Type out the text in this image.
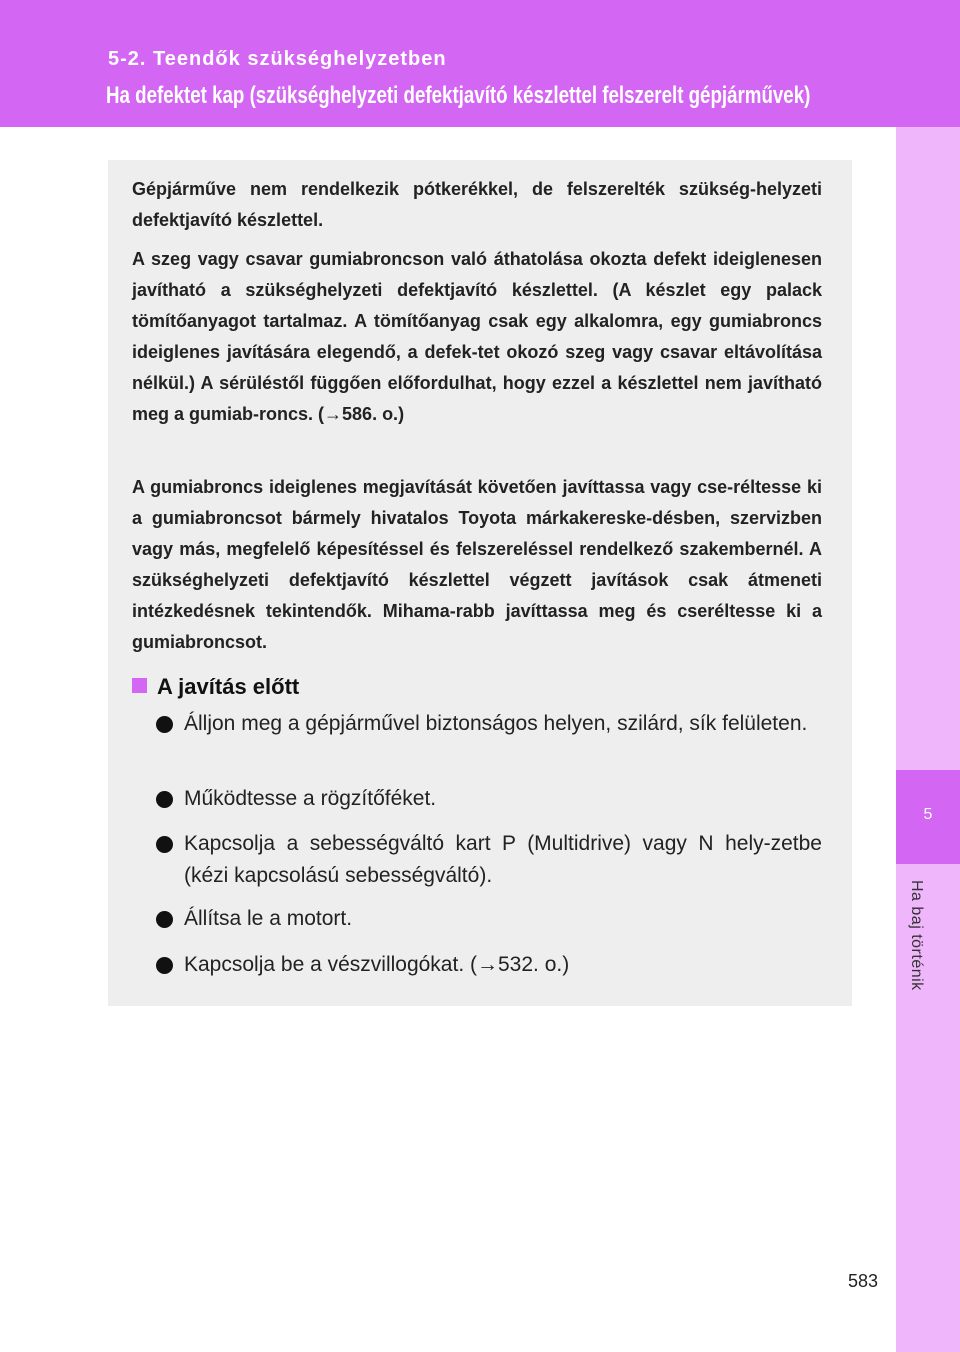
5-2. Teendők szükséghelyzetben
Ha defektet kap (szükséghelyzeti defektjavító készlettel felszerelt gépjárművek)
5
Ha baj történik

Gépjárműve nem rendelkezik pótkerékkel, de felszerelték szükség-helyzeti defektjavító készlettel.

A szeg vagy csavar gumiabroncson való áthatolása okozta defekt ideiglenesen javítható a szükséghelyzeti defektjavító készlettel. (A készlet egy palack tömítőanyagot tartalmaz. A tömítőanyag csak egy alkalomra, egy gumiabroncs ideiglenes javítására elegendő, a defek-tet okozó szeg vagy csavar eltávolítása nélkül.) A sérüléstől függően előfordulhat, hogy ezzel a készlettel nem javítható meg a gumiab-roncs. (→586. o.)

A gumiabroncs ideiglenes megjavítását követően javíttassa vagy cse-réltesse ki a gumiabroncsot bármely hivatalos Toyota márkakereske-désben, szervizben vagy más, megfelelő képesítéssel és felszereléssel rendelkező szakembernél. A szükséghelyzeti defektjavító készlettel végzett javítások csak átmeneti intézkedésnek tekintendők. Mihama-rabb javíttassa meg és cseréltesse ki a gumiabroncsot.

A javítás előtt
Álljon meg a gépjárművel biztonságos helyen, szilárd, sík felületen.
Működtesse a rögzítőféket.
Kapcsolja a sebességváltó kart P (Multidrive) vagy N hely-zetbe (kézi kapcsolású sebességváltó).
Állítsa le a motort.
Kapcsolja be a vészvillogókat. (→532. o.)
583
